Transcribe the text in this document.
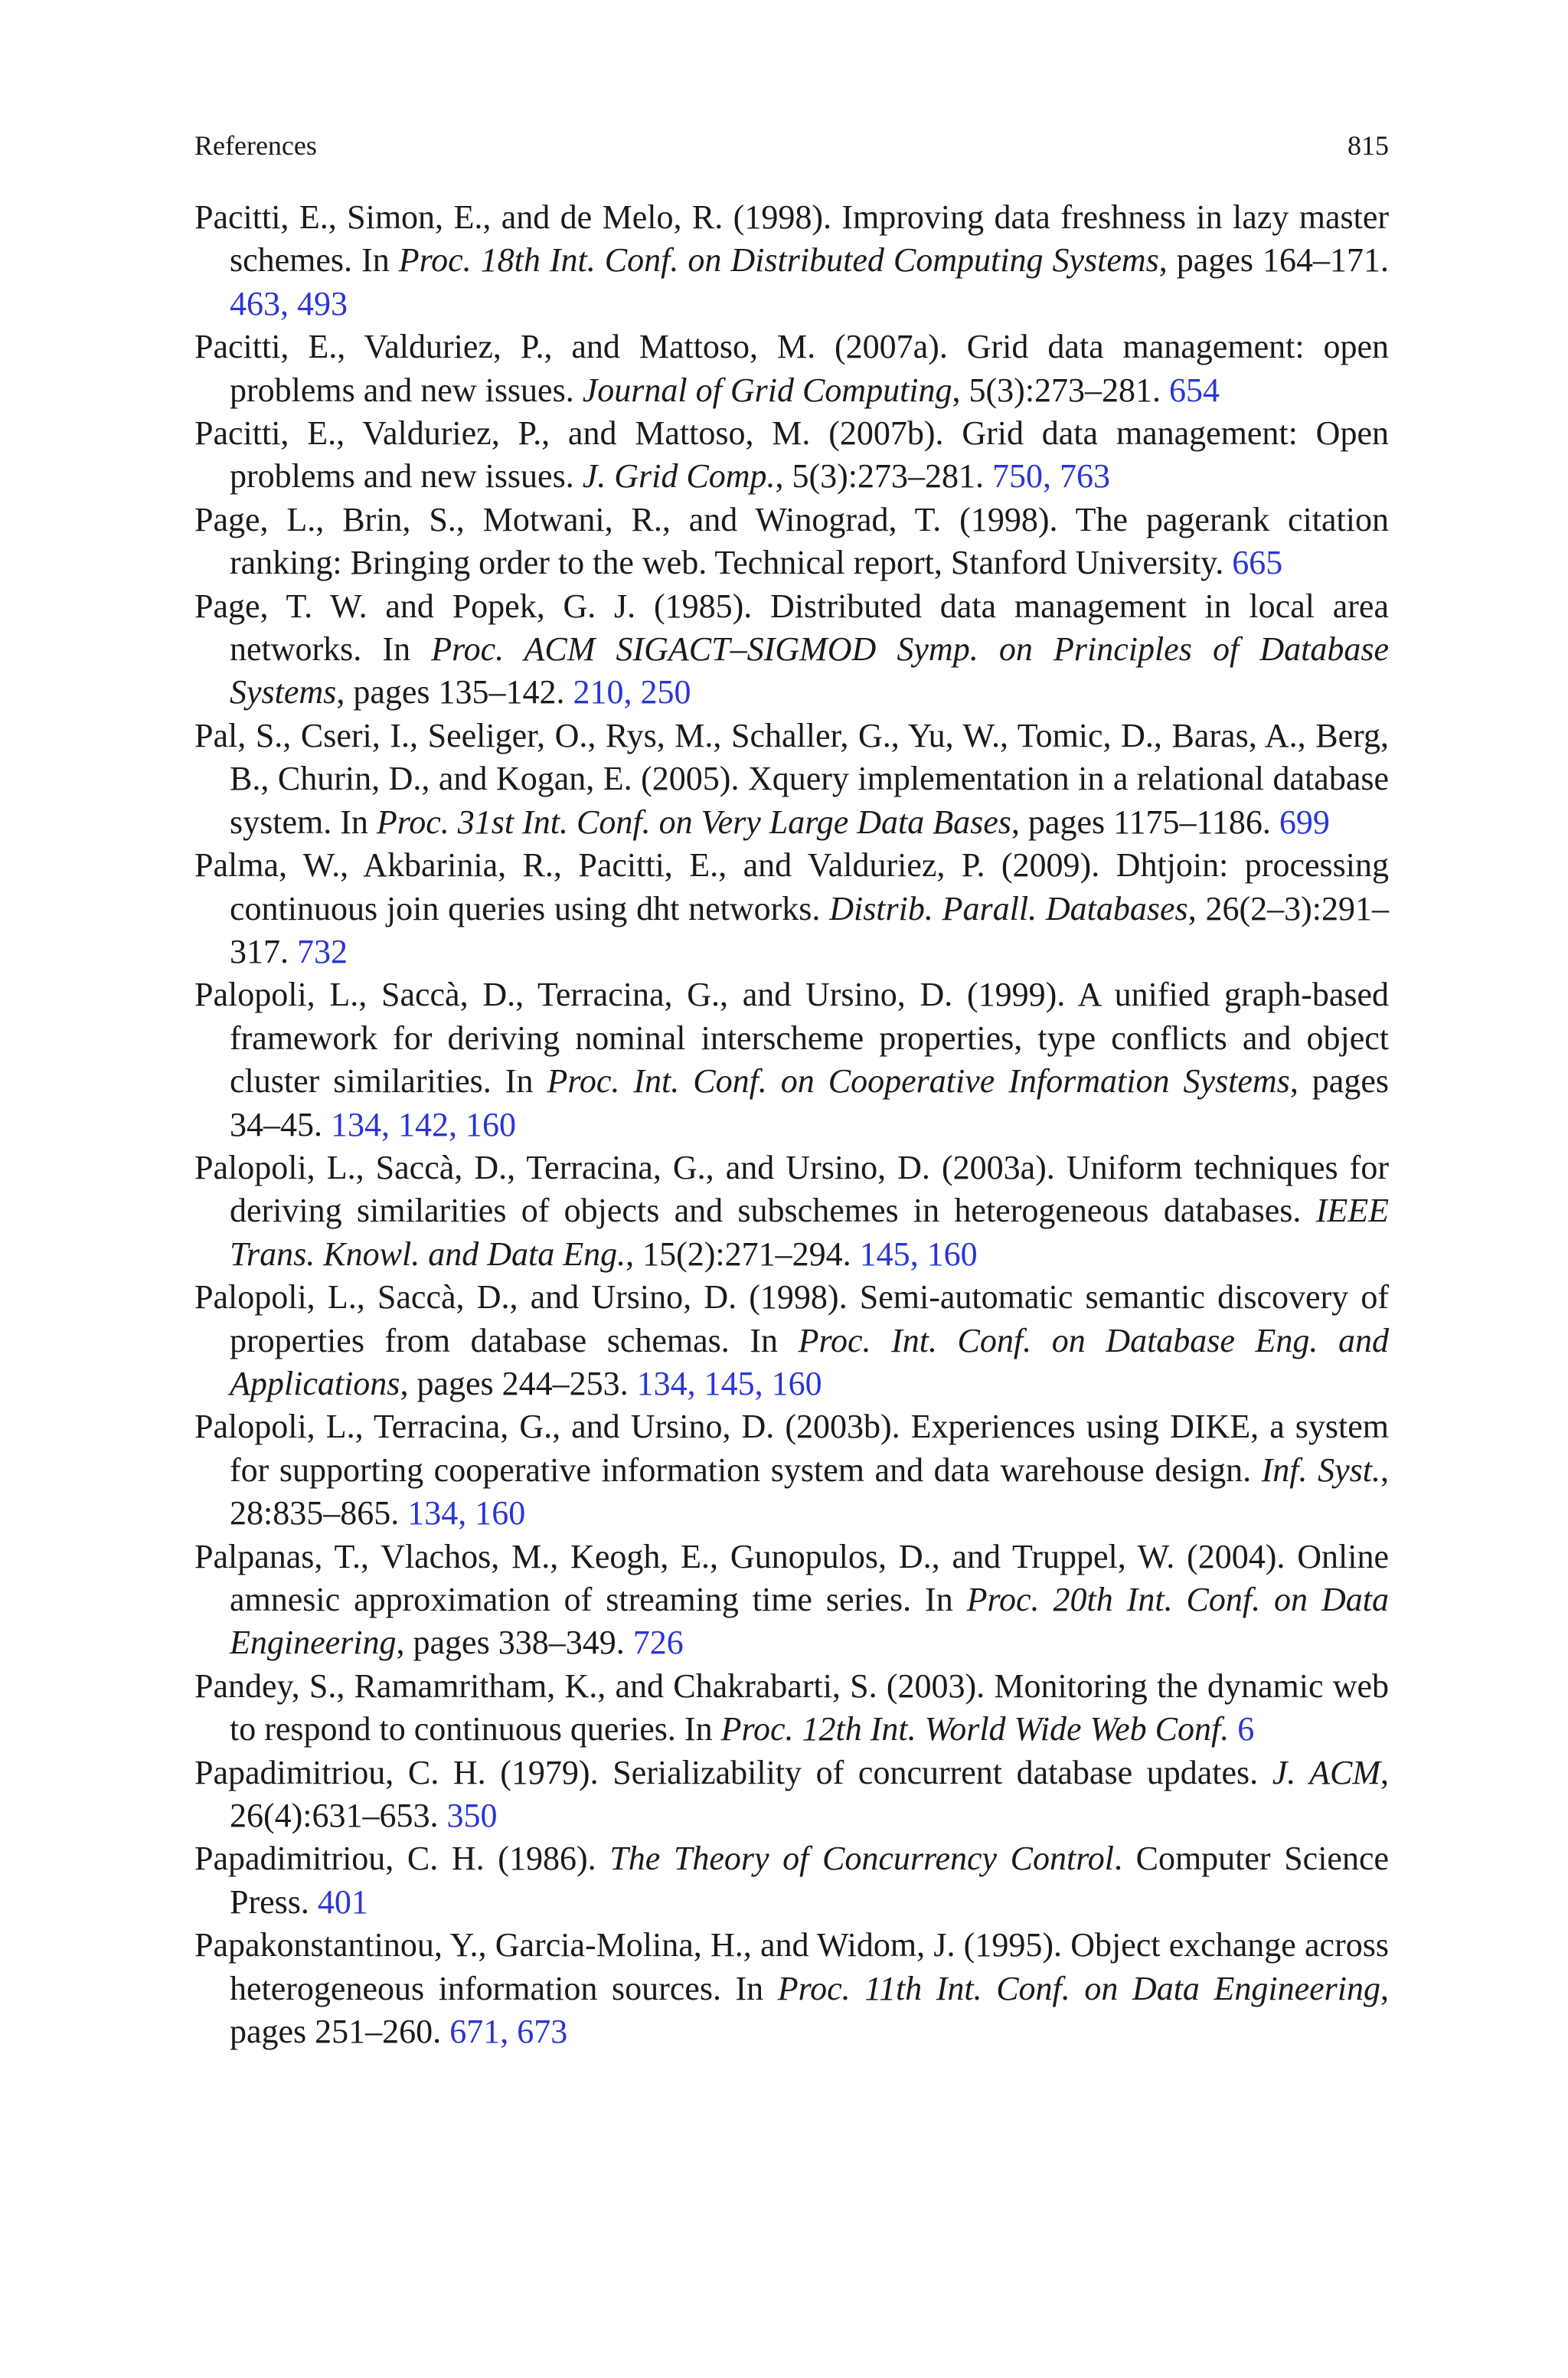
References	815
Pacitti, E., Simon, E., and de Melo, R. (1998). Improving data freshness in lazy master schemes. In Proc. 18th Int. Conf. on Distributed Computing Systems, pages 164–171. 463, 493
Pacitti, E., Valduriez, P., and Mattoso, M. (2007a). Grid data management: open problems and new issues. Journal of Grid Computing, 5(3):273–281. 654
Pacitti, E., Valduriez, P., and Mattoso, M. (2007b). Grid data management: Open problems and new issues. J. Grid Comp., 5(3):273–281. 750, 763
Page, L., Brin, S., Motwani, R., and Winograd, T. (1998). The pagerank citation ranking: Bringing order to the web. Technical report, Stanford University. 665
Page, T. W. and Popek, G. J. (1985). Distributed data management in local area networks. In Proc. ACM SIGACT–SIGMOD Symp. on Principles of Database Systems, pages 135–142. 210, 250
Pal, S., Cseri, I., Seeliger, O., Rys, M., Schaller, G., Yu, W., Tomic, D., Baras, A., Berg, B., Churin, D., and Kogan, E. (2005). Xquery implementation in a relational database system. In Proc. 31st Int. Conf. on Very Large Data Bases, pages 1175–1186. 699
Palma, W., Akbarinia, R., Pacitti, E., and Valduriez, P. (2009). Dhtjoin: processing continuous join queries using dht networks. Distrib. Parall. Databases, 26(2–3):291–317. 732
Palopoli, L., Saccà, D., Terracina, G., and Ursino, D. (1999). A unified graph-based framework for deriving nominal interscheme properties, type conflicts and object cluster similarities. In Proc. Int. Conf. on Cooperative Information Systems, pages 34–45. 134, 142, 160
Palopoli, L., Saccà, D., Terracina, G., and Ursino, D. (2003a). Uniform techniques for deriving similarities of objects and subschemes in heterogeneous databases. IEEE Trans. Knowl. and Data Eng., 15(2):271–294. 145, 160
Palopoli, L., Saccà, D., and Ursino, D. (1998). Semi-automatic semantic discovery of properties from database schemas. In Proc. Int. Conf. on Database Eng. and Applications, pages 244–253. 134, 145, 160
Palopoli, L., Terracina, G., and Ursino, D. (2003b). Experiences using DIKE, a system for supporting cooperative information system and data warehouse design. Inf. Syst., 28:835–865. 134, 160
Palpanas, T., Vlachos, M., Keogh, E., Gunopulos, D., and Truppel, W. (2004). Online amnesic approximation of streaming time series. In Proc. 20th Int. Conf. on Data Engineering, pages 338–349. 726
Pandey, S., Ramamritham, K., and Chakrabarti, S. (2003). Monitoring the dynamic web to respond to continuous queries. In Proc. 12th Int. World Wide Web Conf. 6
Papadimitriou, C. H. (1979). Serializability of concurrent database updates. J. ACM, 26(4):631–653. 350
Papadimitriou, C. H. (1986). The Theory of Concurrency Control. Computer Science Press. 401
Papakonstantinou, Y., Garcia-Molina, H., and Widom, J. (1995). Object exchange across heterogeneous information sources. In Proc. 11th Int. Conf. on Data Engineering, pages 251–260. 671, 673
